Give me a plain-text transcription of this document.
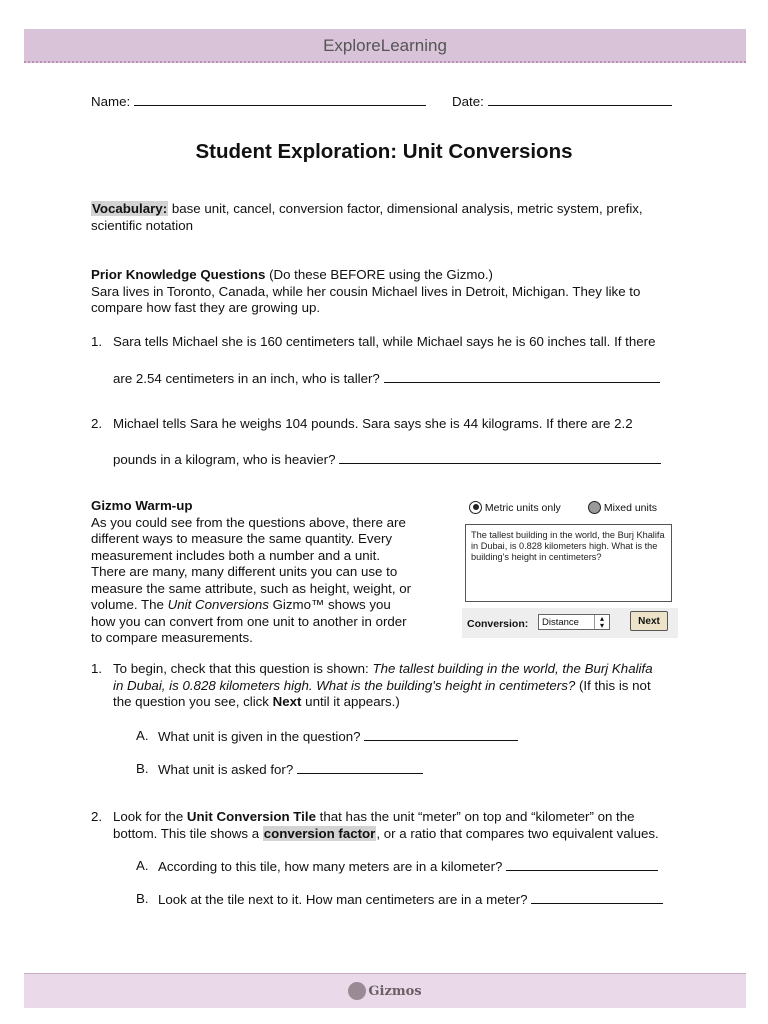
ExploreLearning
Name:	Date:
Student Exploration: Unit Conversions
Vocabulary: base unit, cancel, conversion factor, dimensional analysis, metric system, prefix,
scientific notation
Prior Knowledge Questions (Do these BEFORE using the Gizmo.)
Sara lives in Toronto, Canada, while her cousin Michael lives in Detroit, Michigan. They like to
compare how fast they are growing up.
1. Sara tells Michael she is 160 centimeters tall, while Michael says he is 60 inches tall. If there
are 2.54 centimeters in an inch, who is taller?
2. Michael tells Sara he weighs 104 pounds. Sara says she is 44 kilograms. If there are 2.2
pounds in a kilogram, who is heavier?
Gizmo Warm-up
As you could see from the questions above, there are
different ways to measure the same quantity. Every
measurement includes both a number and a unit.
There are many, many different units you can use to
measure the same attribute, such as height, weight, or
volume. The Unit Conversions Gizmo™ shows you
how you can convert from one unit to another in order
to compare measurements.
Metric units only	Mixed units
The tallest building in the world, the Burj Khalifa in Dubai, is 0.828 kilometers high. What is the building's height in centimeters?
Conversion:	Distance	▴
▾	Next
1. To begin, check that this question is shown: The tallest building in the world, the Burj Khalifa
in Dubai, is 0.828 kilometers high. What is the building's height in centimeters? (If this is not
the question you see, click Next until it appears.)
A. What unit is given in the question?
B. What unit is asked for?
2. Look for the Unit Conversion Tile that has the unit “meter” on top and “kilometer” on the
bottom. This tile shows a conversion factor, or a ratio that compares two equivalent values.
A. According to this tile, how many meters are in a kilometer?
B. Look at the tile next to it. How man centimeters are in a meter?
Gizmos
